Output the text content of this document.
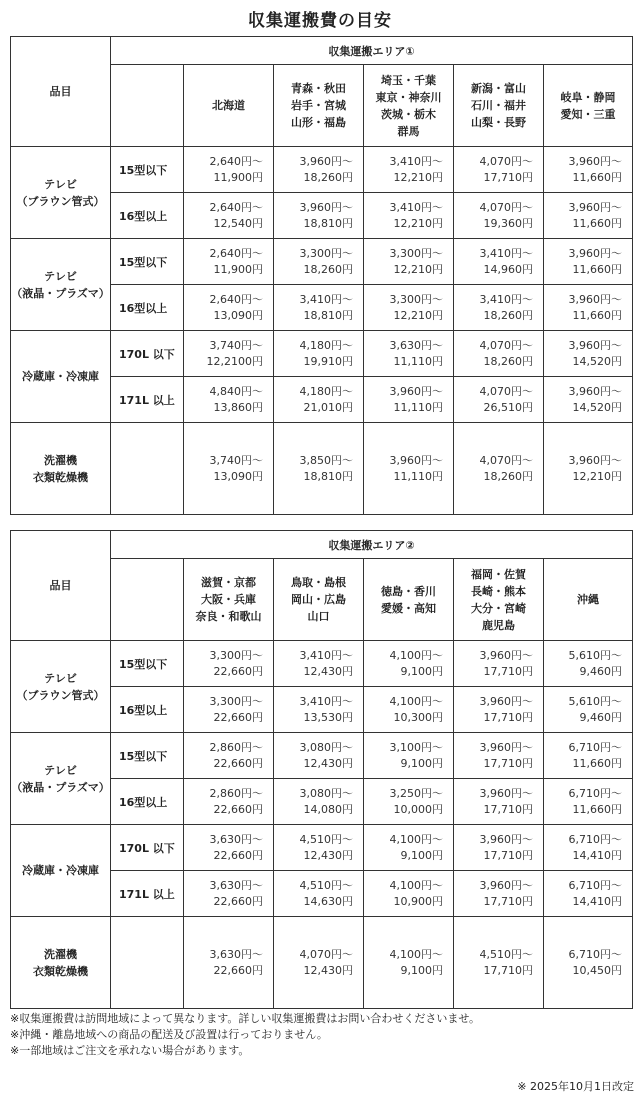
収集運搬費の目安
品目	収集運搬エリア①					

		北海道	青森・秋田
岩手・宮城
山形・福島	埼玉・千葉
東京・神奈川
茨城・栃木
群馬	新潟・富山
石川・福井
山梨・長野	岐阜・静岡
愛知・三重

テレビ
（ブラウン管式）	15型以下	2,640円〜
11,900円	3,960円〜
18,260円	3,410円〜
12,210円	4,070円〜
17,710円	3,960円〜
11,660円

	16型以上	2,640円〜
12,540円	3,960円〜
18,810円	3,410円〜
12,210円	4,070円〜
19,360円	3,960円〜
11,660円

テレビ
（液晶・プラズマ）	15型以下	2,640円〜
11,900円	3,300円〜
18,260円	3,300円〜
12,210円	3,410円〜
14,960円	3,960円〜
11,660円

	16型以上	2,640円〜
13,090円	3,410円〜
18,810円	3,300円〜
12,210円	3,410円〜
18,260円	3,960円〜
11,660円

冷蔵庫・冷凍庫	170L 以下	3,740円〜
12,2100円	4,180円〜
19,910円	3,630円〜
11,110円	4,070円〜
18,260円	3,960円〜
14,520円

	171L 以上	4,840円〜
13,860円	4,180円〜
21,010円	3,960円〜
11,110円	4,070円〜
26,510円	3,960円〜
14,520円

洗濯機
衣類乾燥機		3,740円〜
13,090円	3,850円〜
18,810円	3,960円〜
11,110円	4,070円〜
18,260円	3,960円〜
12,210円
品目	収集運搬エリア②					

		滋賀・京都
大阪・兵庫
奈良・和歌山	鳥取・島根
岡山・広島
山口	徳島・香川
愛媛・高知	福岡・佐賀
長崎・熊本
大分・宮崎
鹿児島	沖縄

テレビ
（ブラウン管式）	15型以下	3,300円〜
22,660円	3,410円〜
12,430円	4,100円〜
9,100円	3,960円〜
17,710円	5,610円〜
9,460円

	16型以上	3,300円〜
22,660円	3,410円〜
13,530円	4,100円〜
10,300円	3,960円〜
17,710円	5,610円〜
9,460円

テレビ
（液晶・プラズマ）	15型以下	2,860円〜
22,660円	3,080円〜
12,430円	3,100円〜
9,100円	3,960円〜
17,710円	6,710円〜
11,660円

	16型以上	2,860円〜
22,660円	3,080円〜
14,080円	3,250円〜
10,000円	3,960円〜
17,710円	6,710円〜
11,660円

冷蔵庫・冷凍庫	170L 以下	3,630円〜
22,660円	4,510円〜
12,430円	4,100円〜
9,100円	3,960円〜
17,710円	6,710円〜
14,410円

	171L 以上	3,630円〜
22,660円	4,510円〜
14,630円	4,100円〜
10,900円	3,960円〜
17,710円	6,710円〜
14,410円

洗濯機
衣類乾燥機		3,630円〜
22,660円	4,070円〜
12,430円	4,100円〜
9,100円	4,510円〜
17,710円	6,710円〜
10,450円
※収集運搬費は訪問地域によって異なります。詳しい収集運搬費はお問い合わせくださいませ。
※沖縄・離島地域への商品の配送及び設置は行っておりません。
※一部地域はご注文を承れない場合があります。
※ 2025年10月1日改定
